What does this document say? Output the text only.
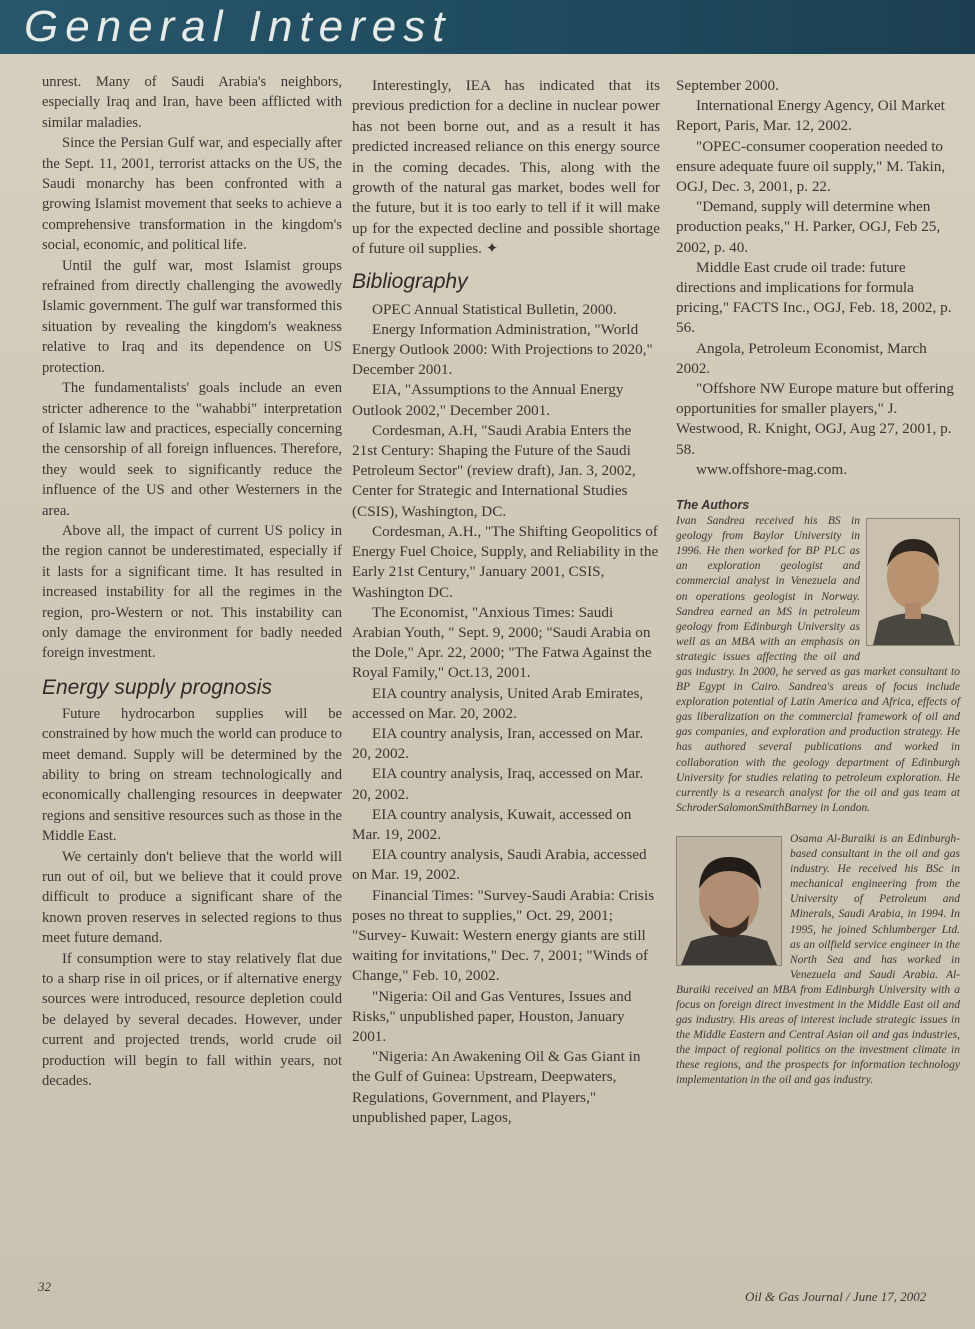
General Interest

unrest. Many of Saudi Arabia's neighbors, especially Iraq and Iran, have been afflicted with similar maladies.

Since the Persian Gulf war, and especially after the Sept. 11, 2001, terrorist attacks on the US, the Saudi monarchy has been confronted with a growing Islamist movement that seeks to achieve a comprehensive transformation in the kingdom's social, economic, and political life.

Until the gulf war, most Islamist groups refrained from directly challenging the avowedly Islamic government. The gulf war transformed this situation by revealing the kingdom's weakness relative to Iraq and its dependence on US protection.

The fundamentalists' goals include an even stricter adherence to the "wahabbi" interpretation of Islamic law and practices, especially concerning the censorship of all foreign influences. Therefore, they would seek to significantly reduce the influence of the US and other Westerners in the area.

Above all, the impact of current US policy in the region cannot be underestimated, especially if it lasts for a significant time. It has resulted in increased instability for all the regimes in the region, pro-Western or not. This instability can only damage the environment for badly needed foreign investment.

Energy supply prognosis

Future hydrocarbon supplies will be constrained by how much the world can produce to meet demand. Supply will be determined by the ability to bring on stream technologically and economically challenging resources in deepwater regions and sensitive resources such as those in the Middle East.

We certainly don't believe that the world will run out of oil, but we believe that it could prove difficult to produce a significant share of the known proven reserves in selected regions to thus meet future demand.

If consumption were to stay relatively flat due to a sharp rise in oil prices, or if alternative energy sources were introduced, resource depletion could be delayed by several decades. However, under current and projected trends, world crude oil production will begin to fall within years, not decades.

Interestingly, IEA has indicated that its previous prediction for a decline in nuclear power has not been borne out, and as a result it has predicted increased reliance on this energy source in the coming decades. This, along with the growth of the natural gas market, bodes well for the future, but it is too early to tell if it will make up for the expected decline and possible shortage of future oil supplies. ✦

Bibliography

OPEC Annual Statistical Bulletin, 2000.

Energy Information Administration, "World Energy Outlook 2000: With Projections to 2020," December 2001.

EIA, "Assumptions to the Annual Energy Outlook 2002," December 2001.

Cordesman, A.H, "Saudi Arabia Enters the 21st Century: Shaping the Future of the Saudi Petroleum Sector" (review draft), Jan. 3, 2002, Center for Strategic and International Studies (CSIS), Washington, DC.

Cordesman, A.H., "The Shifting Geopolitics of Energy Fuel Choice, Supply, and Reliability in the Early 21st Century," January 2001, CSIS, Washington DC.

The Economist, "Anxious Times: Saudi Arabian Youth, " Sept. 9, 2000; "Saudi Arabia on the Dole," Apr. 22, 2000; "The Fatwa Against the Royal Family," Oct.13, 2001.

EIA country analysis, United Arab Emirates, accessed on Mar. 20, 2002.

EIA country analysis, Iran, accessed on Mar. 20, 2002.

EIA country analysis, Iraq, accessed on Mar. 20, 2002.

EIA country analysis, Kuwait, accessed on Mar. 19, 2002.

EIA country analysis, Saudi Arabia, accessed on Mar. 19, 2002.

Financial Times: "Survey-Saudi Arabia: Crisis poses no threat to supplies," Oct. 29, 2001; "Survey- Kuwait: Western energy giants are still waiting for invitations," Dec. 7, 2001; "Winds of Change," Feb. 10, 2002.

"Nigeria: Oil and Gas Ventures, Issues and Risks," unpublished paper, Houston, January 2001.

"Nigeria: An Awakening Oil & Gas Giant in the Gulf of Guinea: Upstream, Deepwaters, Regulations, Government, and Players," unpublished paper, Lagos,

September 2000.

International Energy Agency, Oil Market Report, Paris, Mar. 12, 2002.

"OPEC-consumer cooperation needed to ensure adequate fuure oil supply," M. Takin, OGJ, Dec. 3, 2001, p. 22.

"Demand, supply will determine when production peaks," H. Parker, OGJ, Feb 25, 2002, p. 40.

Middle East crude oil trade: future directions and implications for formula pricing," FACTS Inc., OGJ, Feb. 18, 2002, p. 56.

Angola, Petroleum Economist, March 2002.

"Offshore NW Europe mature but offering opportunities for smaller players," J. Westwood, R. Knight, OGJ, Aug 27, 2001, p. 58.

www.offshore-mag.com.

The Authors

Ivan Sandrea received his BS in geology from Baylor University in 1996. He then worked for BP PLC as an exploration geologist and commercial analyst in Venezuela and on operations geologist in Norway. Sandrea earned an MS in petroleum geology from Edinburgh University as well as an MBA with an emphasis on strategic issues affecting the oil and gas industry. In 2000, he served as gas market consultant to BP Egypt in Cairo. Sandrea's areas of focus include exploration potential of Latin America and Africa, effects of gas liberalization on the commercial framework of oil and gas companies, and exploration and production strategy. He has authored several publications and worked in collaboration with the geology department of Edinburgh University for studies relating to petroleum exploration. He currently is a research analyst for the oil and gas team at SchroderSalomonSmithBarney in London.

Osama Al-Buraiki is an Edinburgh-based consultant in the oil and gas industry. He received his BSc in mechanical engineering from the University of Petroleum and Minerals, Saudi Arabia, in 1994. In 1995, he joined Schlumberger Ltd. as an oilfield service engineer in the North Sea and has worked in Venezuela and Saudi Arabia. Al-Buraiki received an MBA from Edinburgh University with a focus on foreign direct investment in the Middle East oil and gas industry. His areas of interest include strategic issues in the Middle Eastern and Central Asian oil and gas industries, the impact of regional politics on the investment climate in these regions, and the prospects for information technology implementation in the oil and gas industry.

32
Oil & Gas Journal / June 17, 2002
